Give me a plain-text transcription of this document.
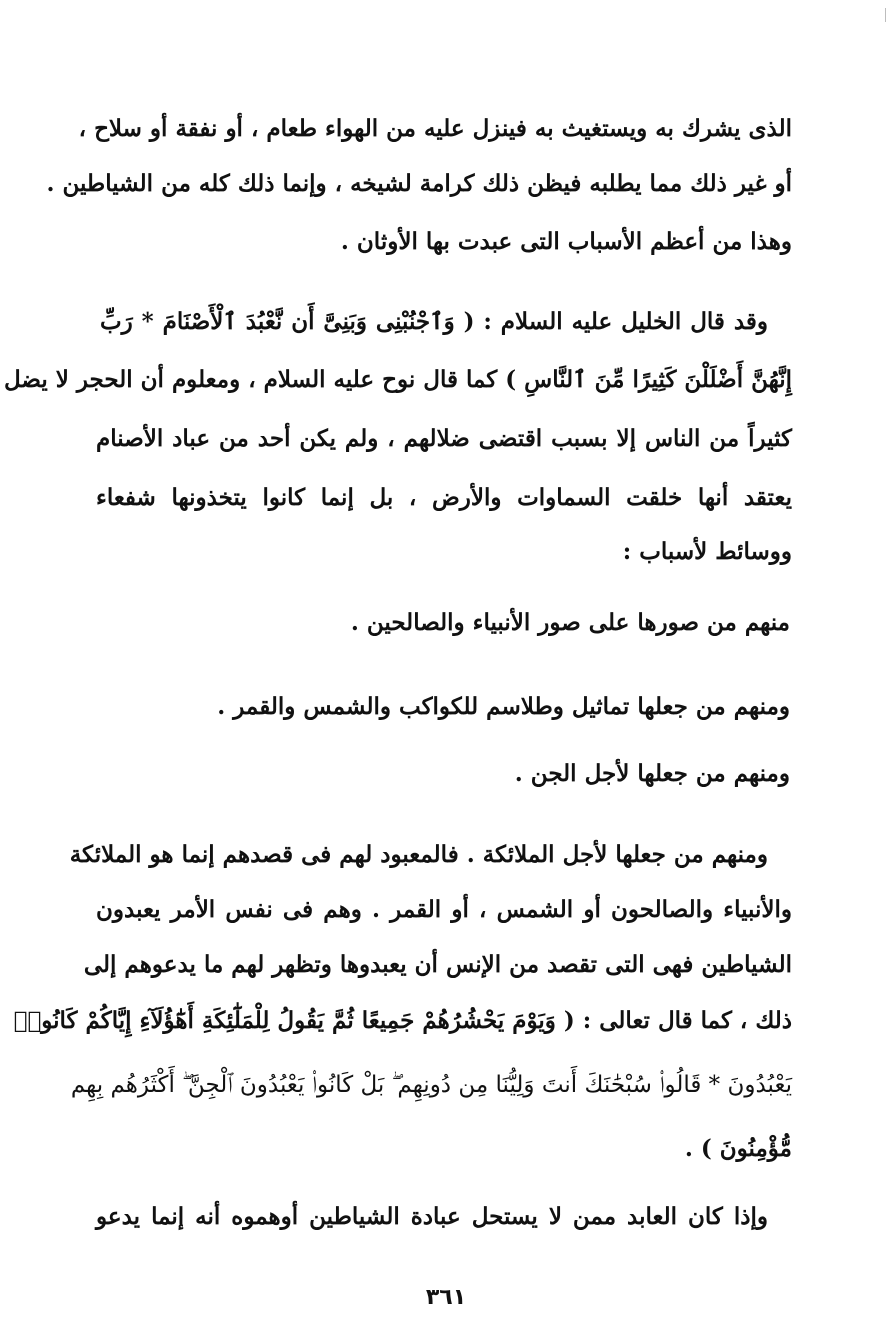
الذى يشرك به ويستغيث به فينزل عليه من الهواء طعام ، أو نفقة أو سلاح ،
أو غير ذلك مما يطلبه فيظن ذلك كرامة لشيخه ، وإنما ذلك كله من الشياطين .
وهذا من أعظم الأسباب التى عبدت بها الأوثان .
وقد قال الخليل عليه السلام : ( وَٱجْنُبْنِى وَبَنِىَّ أَن نَّعْبُدَ ٱلْأَصْنَامَ * رَبِّ
إِنَّهُنَّ أَضْلَلْنَ كَثِيرًا مِّنَ ٱلنَّاسِ ) كما قال نوح عليه السلام ، ومعلوم أن الحجر لا يضل
كثيراً من الناس إلا بسبب اقتضى ضلالهم ، ولم يكن أحد من عباد الأصنام
يعتقد أنها خلقت السماوات والأرض ، بل إنما كانوا يتخذونها شفعاء
ووسائط لأسباب :
منهم من صورها على صور الأنبياء والصالحين .
ومنهم من جعلها تماثيل وطلاسم للكواكب والشمس والقمر .
ومنهم من جعلها لأجل الجن .
ومنهم من جعلها لأجل الملائكة . فالمعبود لهم فى قصدهم إنما هو الملائكة
والأنبياء والصالحون أو الشمس ، أو القمر . وهم فى نفس الأمر يعبدون
الشياطين فهى التى تقصد من الإنس أن يعبدوها وتظهر لهم ما يدعوهم إلى
ذلك ، كما قال تعالى : ( وَيَوْمَ يَحْشُرُهُمْ جَمِيعًا ثُمَّ يَقُولُ لِلْمَلَٰٓئِكَةِ أَهَٰٓؤُلَآءِ إِيَّاكُمْ كَانُوا۟
يَعْبُدُونَ * قَالُوا۟ سُبْحَٰنَكَ أَنتَ وَلِيُّنَا مِن دُونِهِم ۖ بَلْ كَانُوا۟ يَعْبُدُونَ ٱلْجِنَّ ۖ أَكْثَرُهُم بِهِم
مُّؤْمِنُونَ ) .
وإذا كان العابد ممن لا يستحل عبادة الشياطين أوهموه أنه إنما يدعو
٣٦١
